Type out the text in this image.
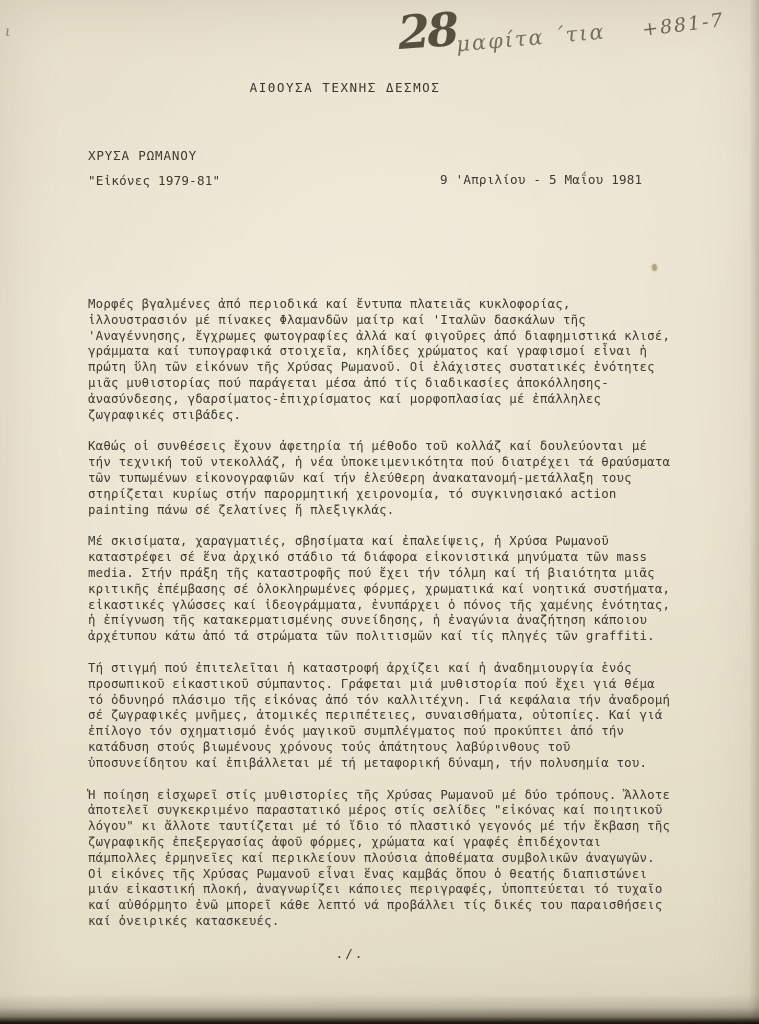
ι	28
μαφίτα ΄τια +881-7
ΑΙΘΟΥΣΑ ΤΕΧΝΗΣ ΔΕΣΜΟΣ
ΧΡΥΣΑ ΡΩΜΑΝΟΥ
"Εἰκόνες 1979-81"	9 'Απριλίου - 5 Μαΐου 1981

Μορφές βγαλμένες ἀπό περιοδικά καί ἔντυπα πλατειᾶς κυκλοφορίας, ἰλλουστρασιόν μέ πίνακες Φλαμανδῶν μαίτρ καί 'Ιταλῶν δασκάλων τῆς 'Αναγέννησης, ἔγχρωμες φωτογραφίες ἀλλά καί φιγοῦρες ἀπό διαφημιστικά κλισέ, γράμματα καί τυπογραφικά στοιχεῖα, κηλίδες χρώματος καί γραφισμοί εἶναι ἡ πρώτη ὕλη τῶν εἰκόνων τῆς Χρύσας Ρωμανοῦ. Οἱ ἐλάχιστες συστατικές ἑνότητες μιᾶς μυθιστορίας πού παράγεται μέσα ἀπό τίς διαδικασίες ἀποκόλλησης-ἀνασύνδεσης, γδαρσίματος-ἐπιχρίσματος καί μορφοπλασίας μέ ἐπάλληλες ζωγραφικές στιβάδες.

Καθώς οἱ συνθέσεις ἔχουν ἀφετηρία τή μέθοδο τοῦ κολλάζ καί δουλεύονται μέ τήν τεχνική τοῦ ντεκολλάζ, ἡ νέα ὑποκειμενικότητα πού διατρέχει τά θραύσματα τῶν τυπωμένων εἰκονογραφιῶν καί τήν ἐλεύθερη ἀνακατανομή-μετάλλαξη τους στηρίζεται κυρίως στήν παρορμητική χειρονομία, τό συγκινησιακό action painting πάνω σέ ζελατίνες ἤ πλεξιγκλάς.

Μέ σκισίματα, χαραγματιές, σβησίματα καί ἐπαλείψεις, ἡ Χρύσα Ρωμανοῦ καταστρέφει σέ ἕνα ἀρχικό στάδιο τά διάφορα εἰκονιστικά μηνύματα τῶν mass media. Στήν πράξη τῆς καταστροφῆς πού ἔχει τήν τόλμη καί τή βιαιότητα μιᾶς κριτικῆς ἐπέμβασης σέ ὁλοκληρωμένες φόρμες, χρωματικά καί νοητικά συστήματα, εἰκαστικές γλώσσες καί ἰδεογράμματα, ἐνυπάρχει ὁ πόνος τῆς χαμένης ἑνότητας, ἡ ἐπίγνωση τῆς κατακερματισμένης συνείδησης, ἡ ἐναγώνια ἀναζήτηση κάποιου ἀρχέτυπου κάτω ἀπό τά στρώματα τῶν πολιτισμῶν καί τίς πληγές τῶν graffiti.

Τή στιγμή πού ἐπιτελεῖται ἡ καταστροφή ἀρχίζει καί ἡ ἀναδημιουργία ἑνός προσωπικοῦ εἰκαστικοῦ σύμπαντος. Γράφεται μιά μυθιστορία πού ἔχει γιά θέμα τό ὀδυνηρό πλάσιμο τῆς εἰκόνας ἀπό τόν καλλιτέχνη. Γιά κεφάλαια τήν ἀναδρομή σέ ζωγραφικές μνῆμες, ἀτομικές περιπέτειες, συναισθήματα, οὐτοπίες. Καί γιά ἐπίλογο τόν σχηματισμό ἑνός μαγικοῦ συμπλέγματος πού προκύπτει ἀπό τήν κατάδυση στούς βιωμένους χρόνους τούς ἀπάτητους λαβύρινθους τοῦ ὑποσυνείδητου καί ἐπιβάλλεται μέ τή μεταφορική δύναμη, τήν πολυσημία του.

Ἡ ποίηση εἰσχωρεῖ στίς μυθιστορίες τῆς Χρύσας Ρωμανοῦ μέ δύο τρόπους. Ἄλλοτε ἀποτελεῖ συγκεκριμένο παραστατικό μέρος στίς σελίδες "εἰκόνας καί ποιητικοῦ λόγου" κι ἄλλοτε ταυτίζεται μέ τό ἴδιο τό πλαστικό γεγονός μέ τήν ἔκβαση τῆς ζωγραφικῆς ἐπεξεργασίας ἀφοῦ φόρμες, χρώματα καί γραφές ἐπιδέχονται πάμπολλες ἑρμηνεῖες καί περικλείουν πλούσια ἀποθέματα συμβολικῶν ἀναγωγῶν. Οἱ εἰκόνες τῆς Χρύσας Ρωμανοῦ εἶναι ἕνας καμβάς ὅπου ὁ θεατής διαπιστώνει μιάν εἰκαστική πλοκή, ἀναγνωρίζει κάποιες περιγραφές, ὑποπτεύεται τό τυχαῖο καί αὐθόρμητο ἐνῶ μπορεῖ κάθε λεπτό νά προβάλλει τίς δικές του παραισθήσεις καί ὀνειρικές κατασκευές.

./.
